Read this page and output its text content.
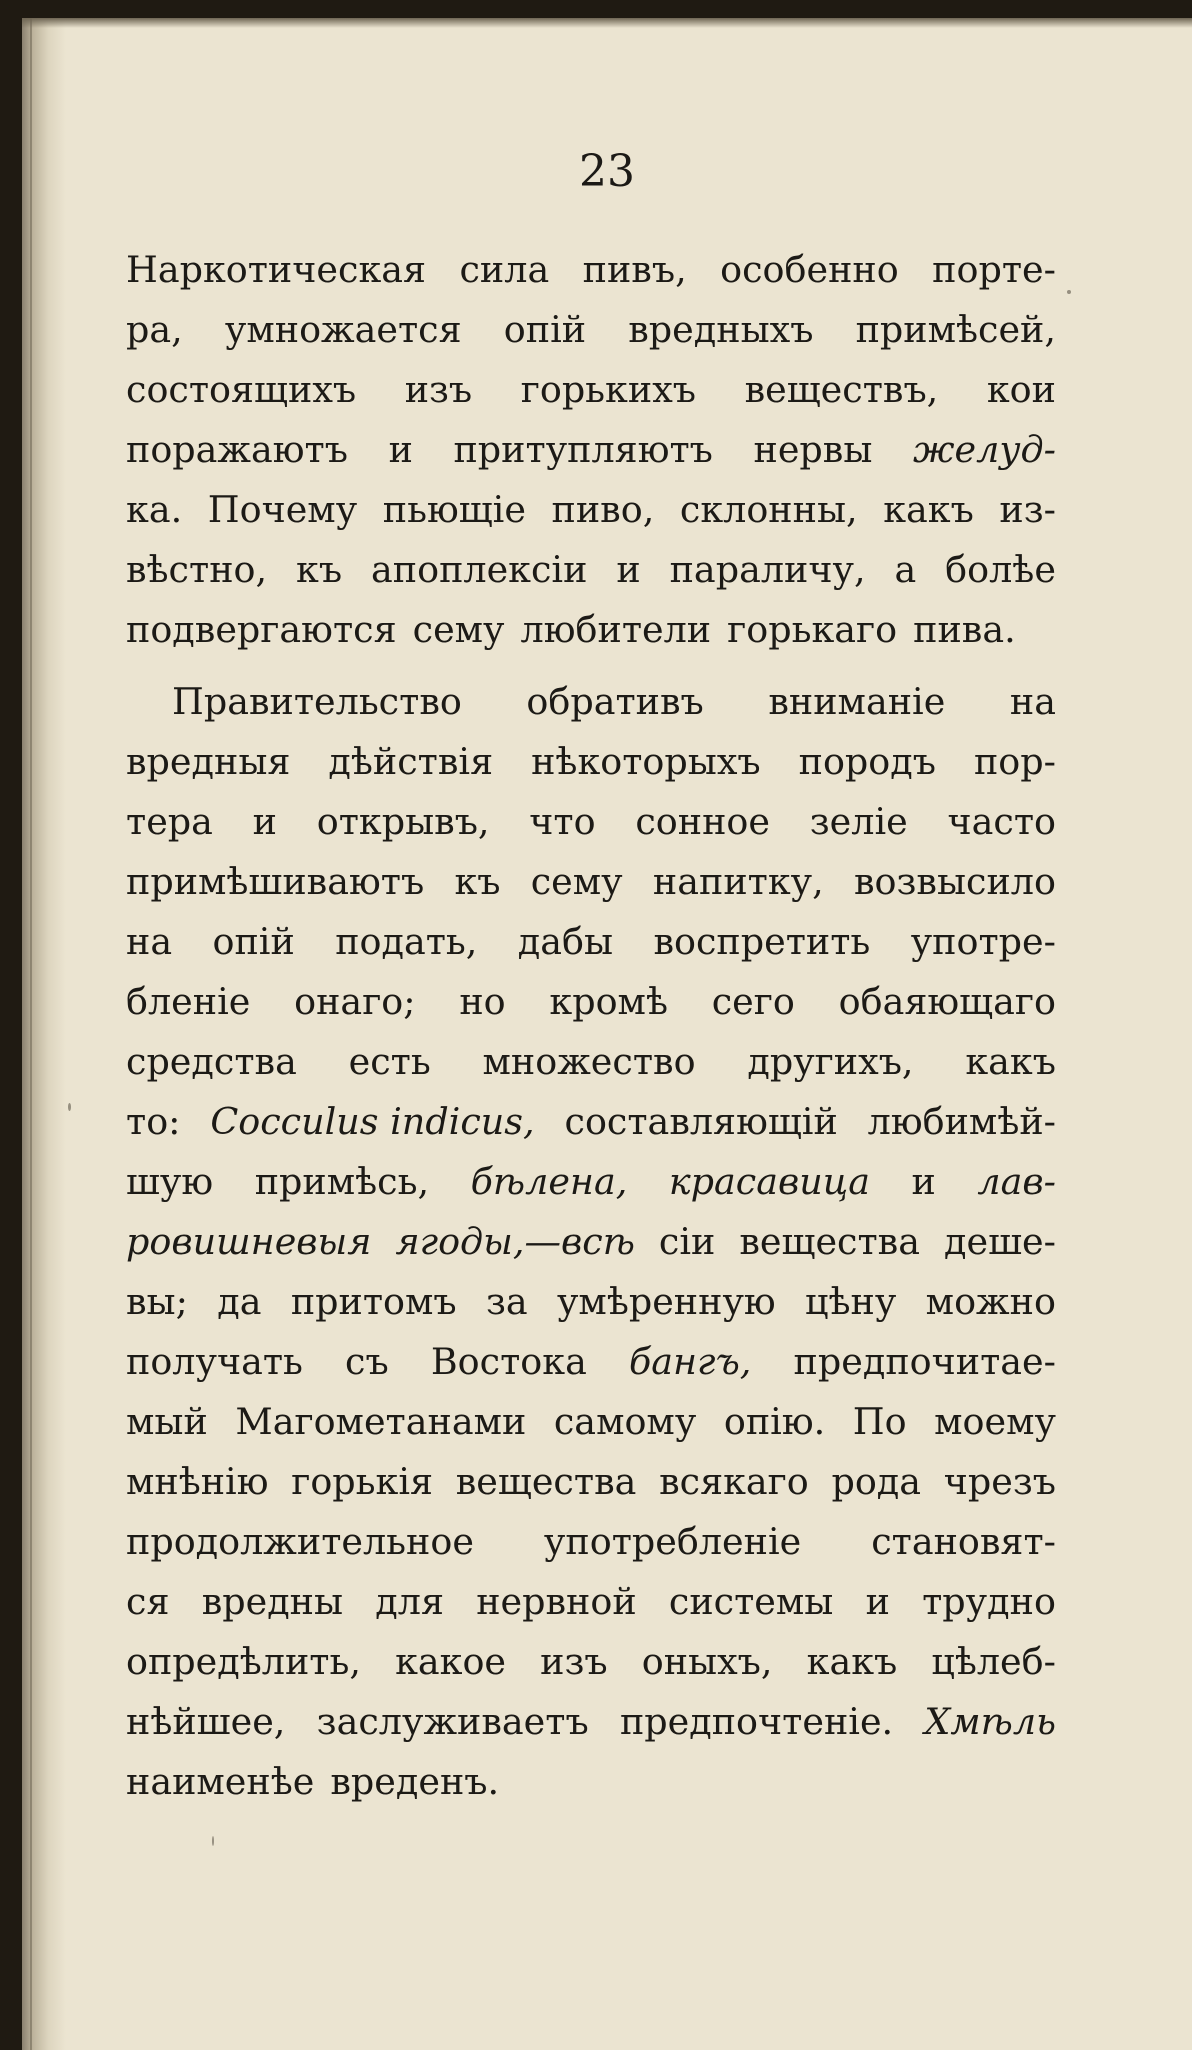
23
Наркотическая сила пивъ, особенно порте-
ра, умножается опiй вредныхъ примѣсей,
состоящихъ изъ горькихъ веществъ, кои
поражаютъ и притупляютъ нервы желуд-
ка. Почему пьющiе пиво, склонны, какъ из-
вѣстно, къ апоплексiи и параличу, а болѣе
подвергаются сему любители горькаго пива.
Правительство обративъ вниманiе на
вредныя дѣйствiя нѣкоторыхъ породъ пор-
тера и открывъ, что сонное зелiе часто
примѣшиваютъ къ сему напитку, возвысило
на опiй подать, дабы воспретить употре-
бленiе онаго; но кромѣ сего обаяющаго
средства есть множество другихъ, какъ
то: Cocculus indicus, составляющiй любимѣй-
шую примѣсь, бѣлена, красавица и лав-
ровишневыя ягоды,—всѣ сiи вещества деше-
вы; да притомъ за умѣренную цѣну можно
получать съ Востока бангъ, предпочитае-
мый Магометанами самому опiю. По моему
мнѣнiю горькiя вещества всякаго рода чрезъ
продолжительное употребленiе становят-
ся вредны для нервной системы и трудно
опредѣлить, какое изъ оныхъ, какъ цѣлеб-
нѣйшее, заслуживаетъ предпочтенiе. Хмѣль
наименѣе вреденъ.
